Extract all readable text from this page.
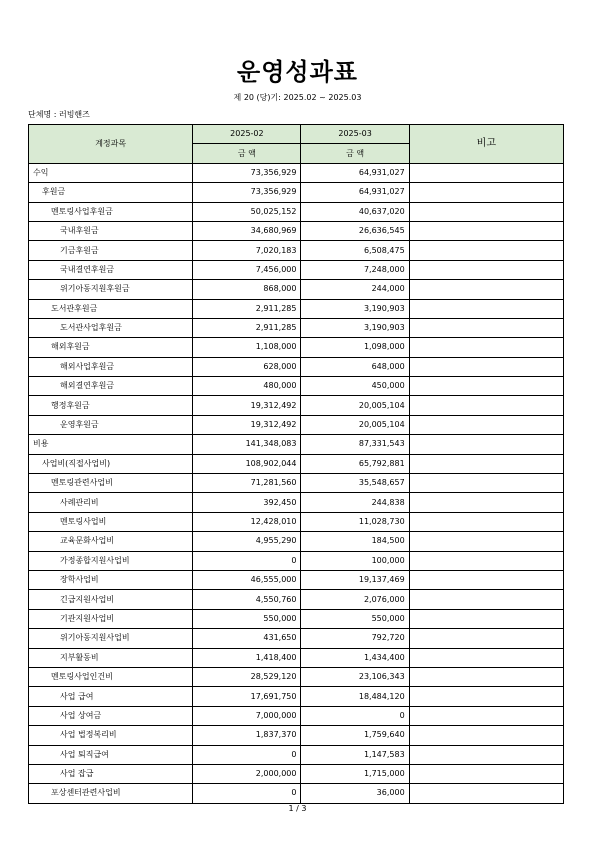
운영성과표
제 20 (당)기: 2025.02 ~ 2025.03
단체명 : 러빙핸즈
계정과목	2025-02	2025-03	비고
	금 액	금 액	
수익	73,356,929	64,931,027	
후원금	73,356,929	64,931,027	
멘토링사업후원금	50,025,152	40,637,020	
국내후원금	34,680,969	26,636,545	
기금후원금	7,020,183	6,508,475	
국내결연후원금	7,456,000	7,248,000	
위기아동지원후원금	868,000	244,000	
도서관후원금	2,911,285	3,190,903	
도서관사업후원금	2,911,285	3,190,903	
해외후원금	1,108,000	1,098,000	
해외사업후원금	628,000	648,000	
해외결연후원금	480,000	450,000	
행정후원금	19,312,492	20,005,104	
운영후원금	19,312,492	20,005,104	
비용	141,348,083	87,331,543	
사업비(직접사업비)	108,902,044	65,792,881	
멘토링관련사업비	71,281,560	35,548,657	
사례관리비	392,450	244,838	
멘토링사업비	12,428,010	11,028,730	
교육문화사업비	4,955,290	184,500	
가정종합지원사업비	0	100,000	
장학사업비	46,555,000	19,137,469	
긴급지원사업비	4,550,760	2,076,000	
기관지원사업비	550,000	550,000	
위기아동지원사업비	431,650	792,720	
지부활동비	1,418,400	1,434,400	
멘토링사업인건비	28,529,120	23,106,343	
사업 급여	17,691,750	18,484,120	
사업 상여금	7,000,000	0	
사업 법정복리비	1,837,370	1,759,640	
사업 퇴직급여	0	1,147,583	
사업 잡급	2,000,000	1,715,000	
포상센터관련사업비	0	36,000	
1 / 3
